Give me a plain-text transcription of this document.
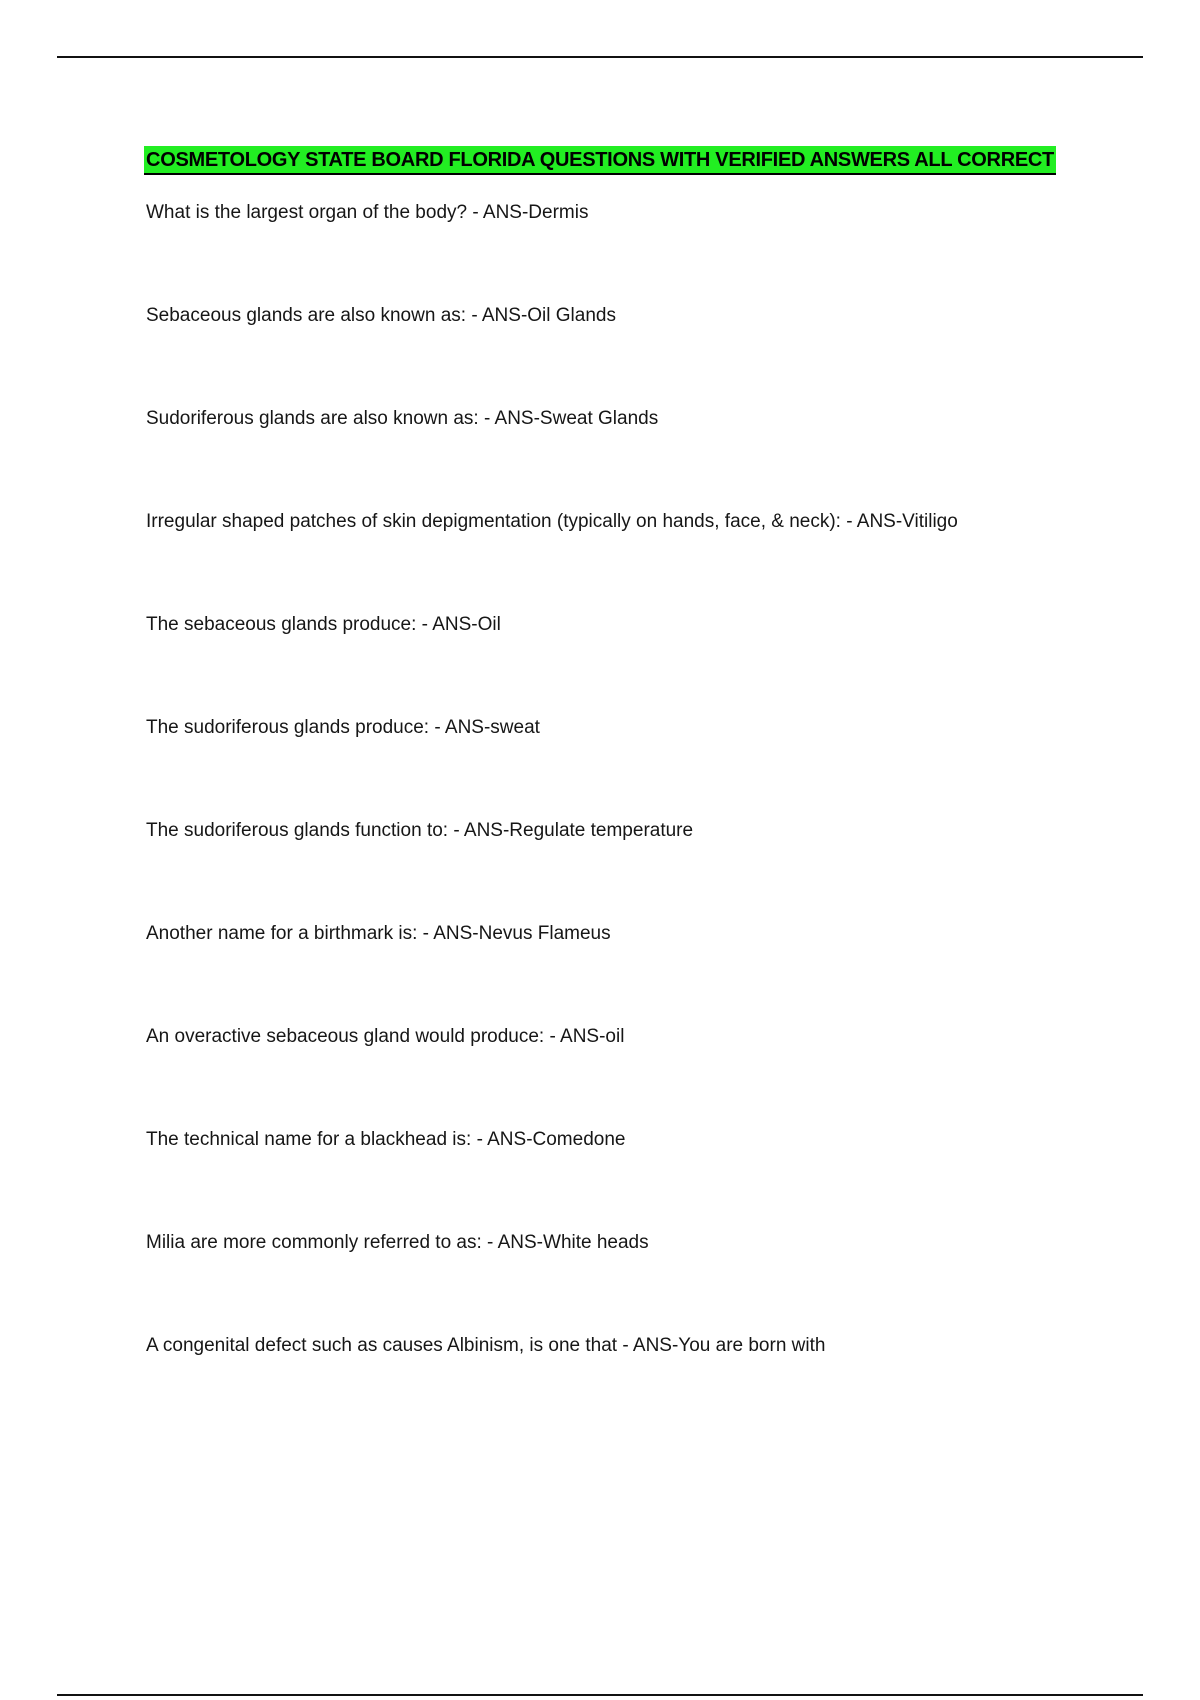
COSMETOLOGY STATE BOARD FLORIDA QUESTIONS WITH VERIFIED ANSWERS ALL CORRECT
What is the largest organ of the body? - ANS-Dermis
Sebaceous glands are also known as: - ANS-Oil Glands
Sudoriferous glands are also known as: - ANS-Sweat Glands
Irregular shaped patches of skin depigmentation (typically on hands, face, & neck): - ANS-Vitiligo
The sebaceous glands produce: - ANS-Oil
The sudoriferous glands produce: - ANS-sweat
The sudoriferous glands function to: - ANS-Regulate temperature
Another name for a birthmark is: - ANS-Nevus Flameus
An overactive sebaceous gland would produce: - ANS-oil
The technical name for a blackhead is: - ANS-Comedone
Milia are more commonly referred to as: - ANS-White heads
A congenital defect such as causes Albinism, is one that - ANS-You are born with
